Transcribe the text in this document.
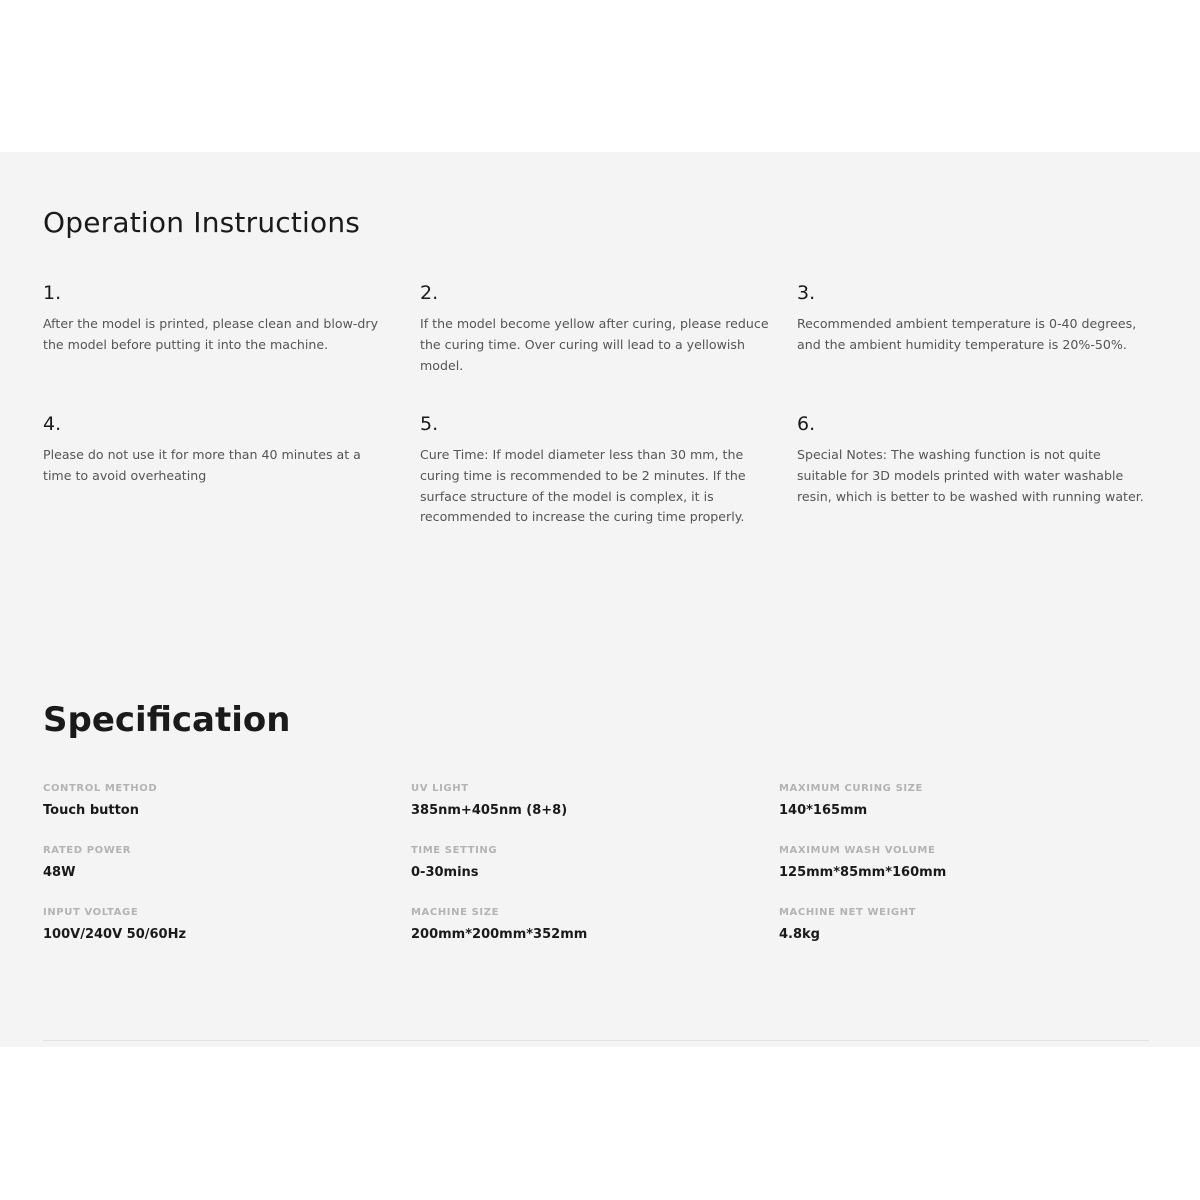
Operation Instructions
1.

After the model is printed, please clean and blow-dry the model before putting it into the machine.

2.

If the model become yellow after curing, please reduce the curing time. Over curing will lead to a yellowish model.

3.

Recommended ambient temperature is 0-40 degrees, and the ambient humidity temperature is 20%-50%.

4.

Please do not use it for more than 40 minutes at a time to avoid overheating

5.

Cure Time: If model diameter less than 30 mm, the curing time is recommended to be 2 minutes. If the surface structure of the model is complex, it is recommended to increase the curing time properly.

6.

Special Notes: The washing function is not quite suitable for 3D models printed with water washable resin, which is better to be washed with running water.

Specification
CONTROL METHOD
Touch button
UV LIGHT
385nm+405nm (8+8)
MAXIMUM CURING SIZE
140*165mm
RATED POWER
48W
TIME SETTING
0-30mins
MAXIMUM WASH VOLUME
125mm*85mm*160mm
INPUT VOLTAGE
100V/240V 50/60Hz
MACHINE SIZE
200mm*200mm*352mm
MACHINE NET WEIGHT
4.8kg
